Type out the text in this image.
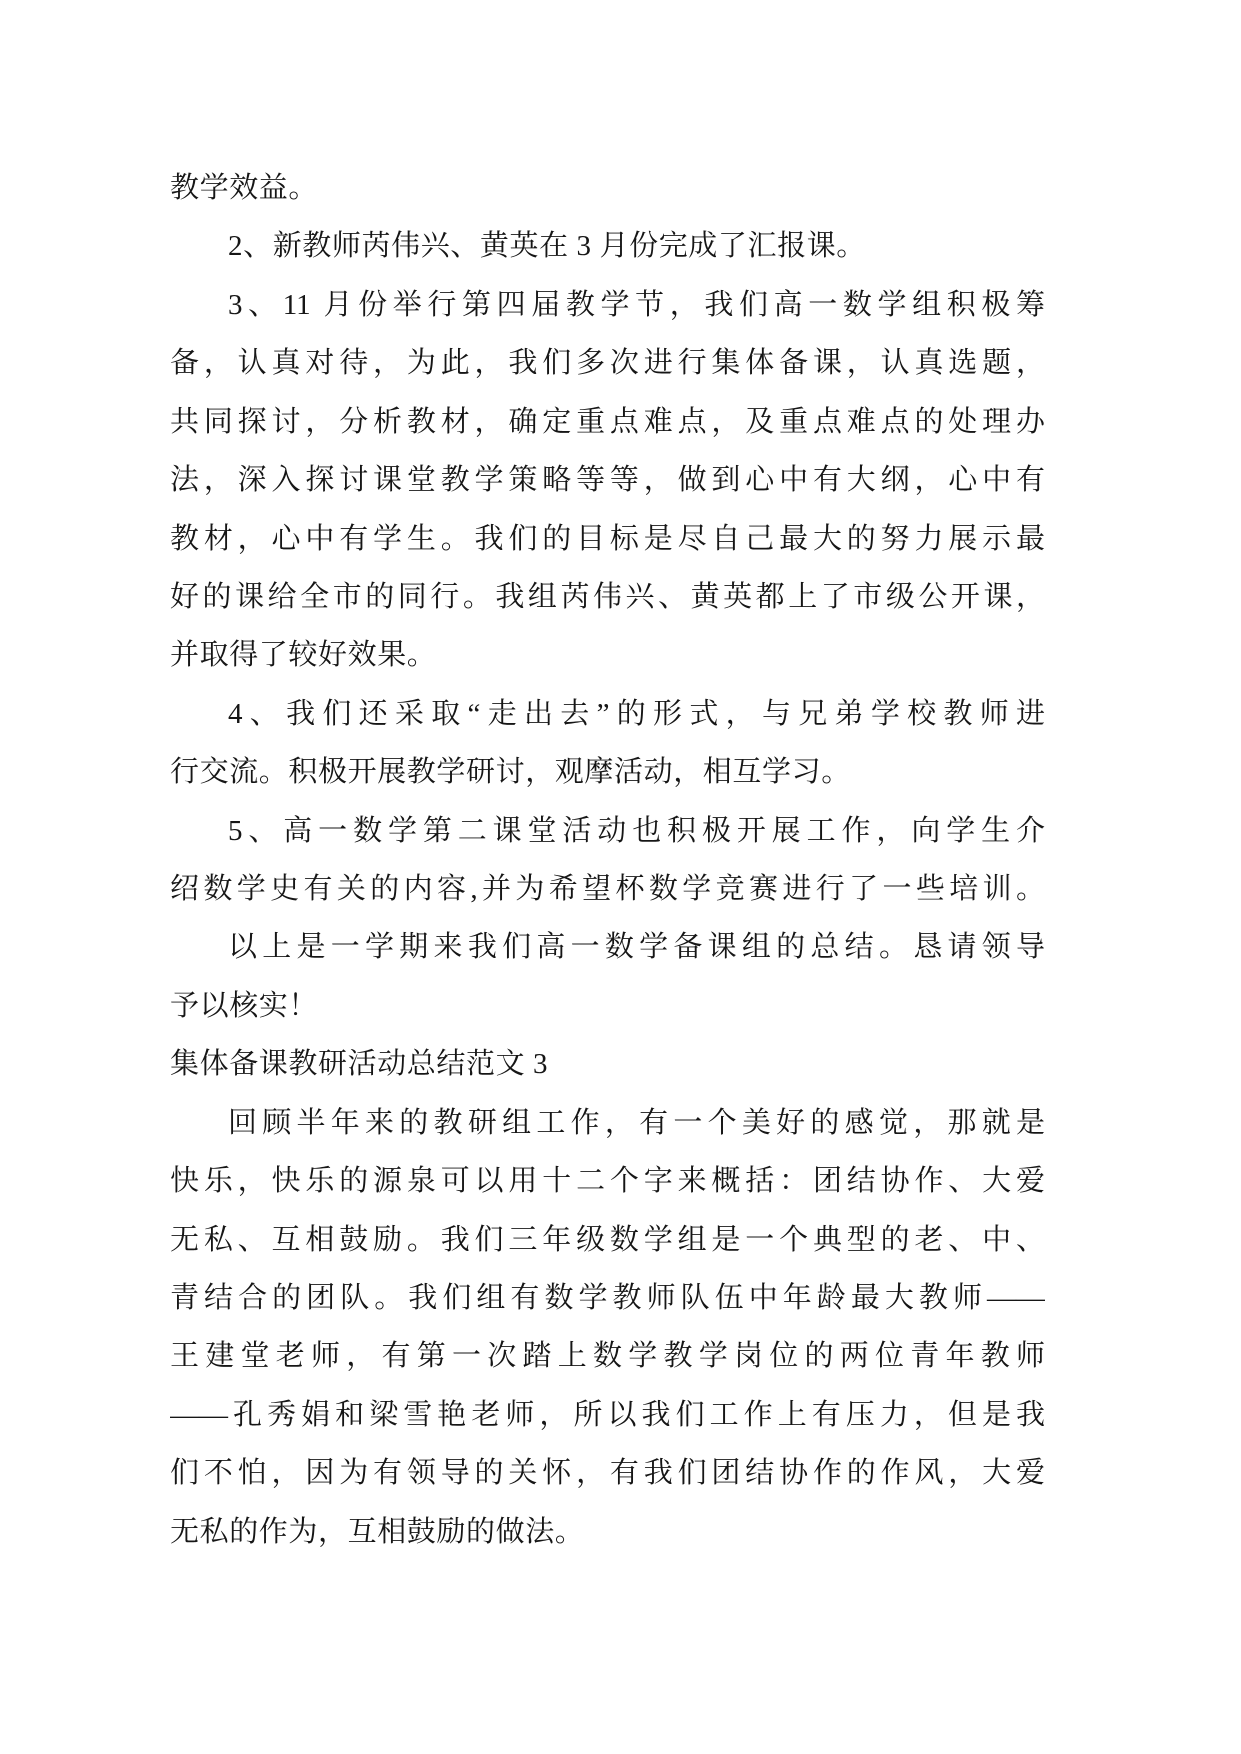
教学效益。
2、新教师芮伟兴、黄英在 3 月份完成了汇报课。
3、11 月份举行第四届教学节，我们高一数学组积极筹
备，认真对待，为此，我们多次进行集体备课，认真选题，
共同探讨，分析教材，确定重点难点，及重点难点的处理办
法，深入探讨课堂教学策略等等，做到心中有大纲，心中有
教材，心中有学生。我们的目标是尽自己最大的努力展示最
好的课给全市的同行。我组芮伟兴、黄英都上了市级公开课，
并取得了较好效果。
4、我们还采取“走出去”的形式，与兄弟学校教师进
行交流。积极开展教学研讨，观摩活动，相互学习。
5、高一数学第二课堂活动也积极开展工作，向学生介
绍数学史有关的内容,并为希望杯数学竞赛进行了一些培训。
以上是一学期来我们高一数学备课组的总结。恳请领导
予以核实！
集体备课教研活动总结范文 3
回顾半年来的教研组工作，有一个美好的感觉，那就是
快乐，快乐的源泉可以用十二个字来概括：团结协作、大爱
无私、互相鼓励。我们三年级数学组是一个典型的老、中、
青结合的团队。我们组有数学教师队伍中年龄最大教师——
王建堂老师，有第一次踏上数学教学岗位的两位青年教师
——孔秀娟和梁雪艳老师，所以我们工作上有压力，但是我
们不怕，因为有领导的关怀，有我们团结协作的作风，大爱
无私的作为，互相鼓励的做法。
